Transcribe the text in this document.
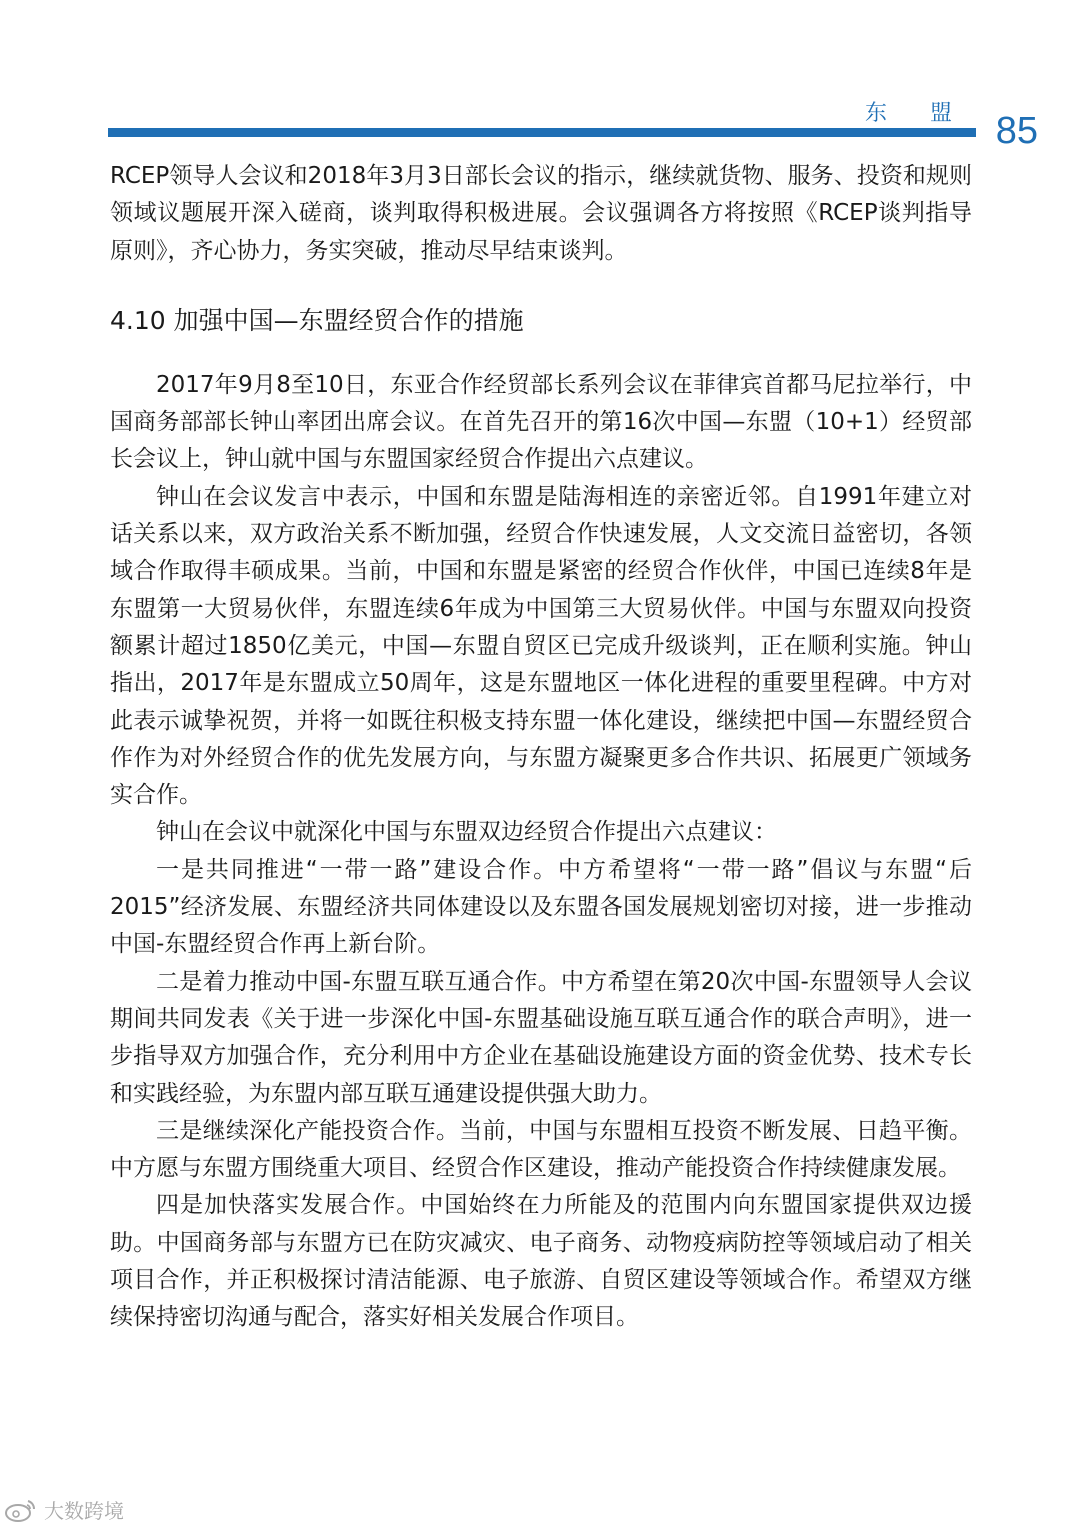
东 盟 85

RCEP领导人会议和2018年3月3日部长会议的指示，继续就货物、服务、投资和规则领域议题展开深入磋商，谈判取得积极进展。会议强调各方将按照《RCEP谈判指导原则》，齐心协力，务实突破，推动尽早结束谈判。

4.10 加强中国—东盟经贸合作的措施

2017年9月8至10日，东亚合作经贸部长系列会议在菲律宾首都马尼拉举行，中国商务部部长钟山率团出席会议。在首先召开的第16次中国—东盟（10+1）经贸部长会议上，钟山就中国与东盟国家经贸合作提出六点建议。

钟山在会议发言中表示，中国和东盟是陆海相连的亲密近邻。自1991年建立对话关系以来，双方政治关系不断加强，经贸合作快速发展，人文交流日益密切，各领域合作取得丰硕成果。当前，中国和东盟是紧密的经贸合作伙伴，中国已连续8年是东盟第一大贸易伙伴，东盟连续6年成为中国第三大贸易伙伴。中国与东盟双向投资额累计超过1850亿美元，中国—东盟自贸区已完成升级谈判，正在顺利实施。钟山指出，2017年是东盟成立50周年，这是东盟地区一体化进程的重要里程碑。中方对此表示诚挚祝贺，并将一如既往积极支持东盟一体化建设，继续把中国—东盟经贸合作作为对外经贸合作的优先发展方向，与东盟方凝聚更多合作共识、拓展更广领域务实合作。

钟山在会议中就深化中国与东盟双边经贸合作提出六点建议：

一是共同推进“一带一路”建设合作。中方希望将“一带一路”倡议与东盟“后2015”经济发展、东盟经济共同体建设以及东盟各国发展规划密切对接，进一步推动中国-东盟经贸合作再上新台阶。

二是着力推动中国-东盟互联互通合作。中方希望在第20次中国-东盟领导人会议期间共同发表《关于进一步深化中国-东盟基础设施互联互通合作的联合声明》，进一步指导双方加强合作，充分利用中方企业在基础设施建设方面的资金优势、技术专长和实践经验，为东盟内部互联互通建设提供强大助力。

三是继续深化产能投资合作。当前，中国与东盟相互投资不断发展、日趋平衡。中方愿与东盟方围绕重大项目、经贸合作区建设，推动产能投资合作持续健康发展。

四是加快落实发展合作。中国始终在力所能及的范围内向东盟国家提供双边援助。中国商务部与东盟方已在防灾减灾、电子商务、动物疫病防控等领域启动了相关项目合作，并正积极探讨清洁能源、电子旅游、自贸区建设等领域合作。希望双方继续保持密切沟通与配合，落实好相关发展合作项目。

大数跨境
